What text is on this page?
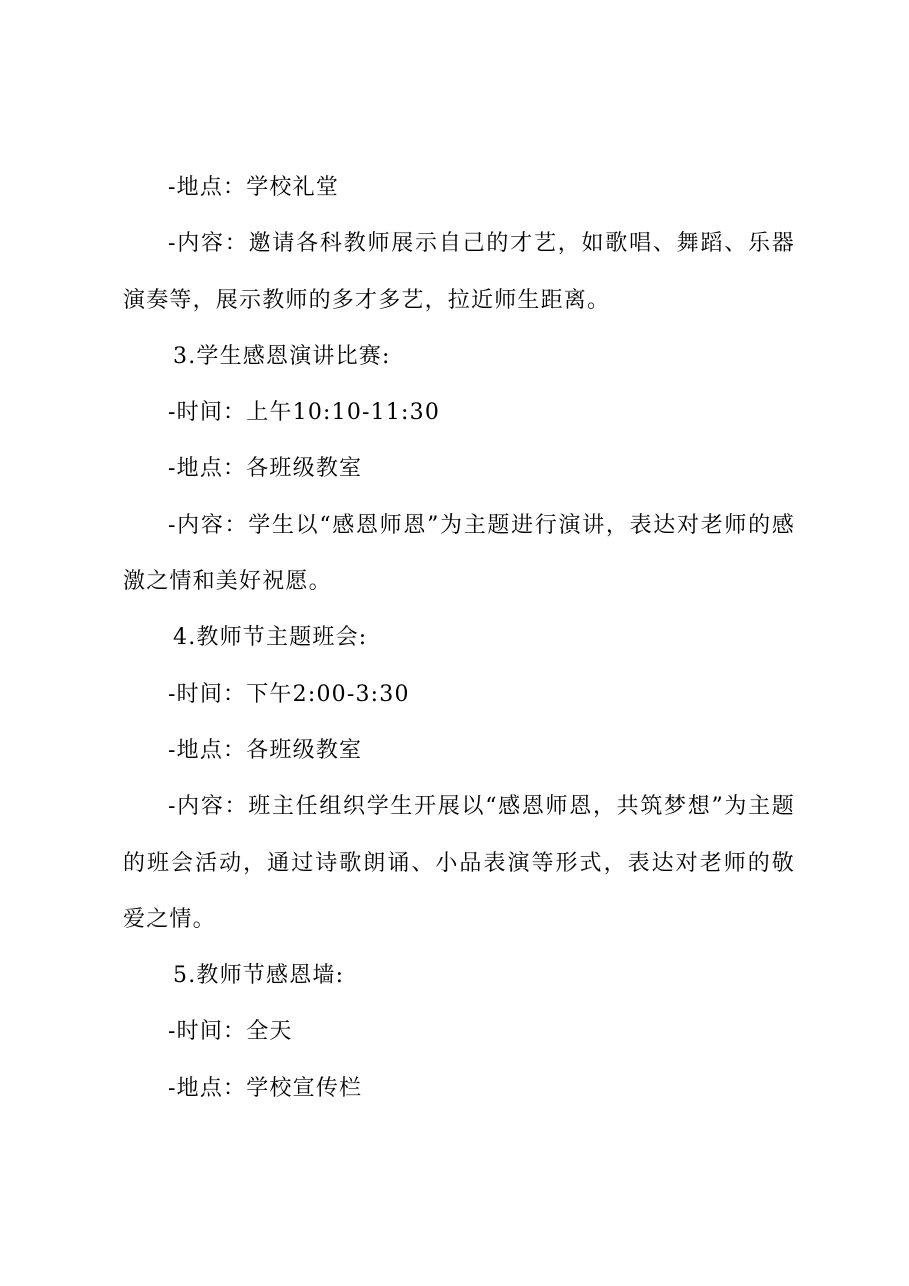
-地点：学校礼堂

-内容：邀请各科教师展示自己的才艺，如歌唱、舞蹈、乐器演奏等，展示教师的多才多艺，拉近师生距离。

3.学生感恩演讲比赛:

-时间：上午10:10-11:30

-地点：各班级教室

-内容：学生以“感恩师恩”为主题进行演讲，表达对老师的感激之情和美好祝愿。

4.教师节主题班会:

-时间：下午2:00-3:30

-地点：各班级教室

-内容：班主任组织学生开展以“感恩师恩，共筑梦想”为主题的班会活动，通过诗歌朗诵、小品表演等形式，表达对老师的敬爱之情。

5.教师节感恩墙:

-时间：全天

-地点：学校宣传栏
